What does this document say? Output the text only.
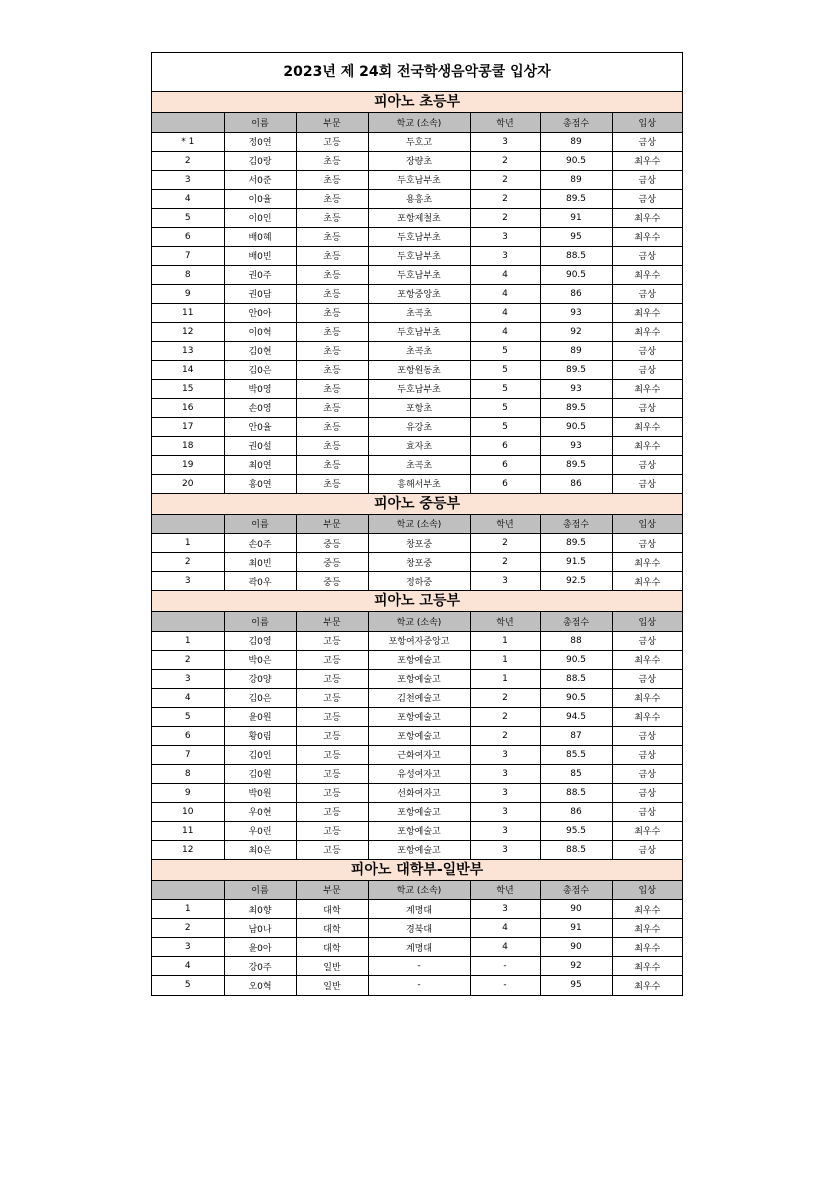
2023년 제 24회 전국학생음악콩쿨 입상자
피아노 초등부
	이름	부문	학교 (소속)	학년	총점수	입상
* 1	정0연	고등	두호고	3	89	금상
2	김0랑	초등	장량초	2	90.5	최우수
3	서0준	초등	두호남부초	2	89	금상
4	이0율	초등	용흥초	2	89.5	금상
5	이0인	초등	포항제철초	2	91	최우수
6	배0혜	초등	두호남부초	3	95	최우수
7	배0빈	초등	두호남부초	3	88.5	금상
8	권0주	초등	두호남부초	4	90.5	최우수
9	권0담	초등	포항중앙초	4	86	금상
11	안0아	초등	초곡초	4	93	최우수
12	이0혁	초등	두호남부초	4	92	최우수
13	김0현	초등	초곡초	5	89	금상
14	김0은	초등	포항원동초	5	89.5	금상
15	박0영	초등	두호남부초	5	93	최우수
16	손0영	초등	포항초	5	89.5	금상
17	안0율	초등	유강초	5	90.5	최우수
18	권0설	초등	효자초	6	93	최우수
19	최0연	초등	초곡초	6	89.5	금상
20	홍0연	초등	흥해서부초	6	86	금상
피아노 중등부
	이름	부문	학교 (소속)	학년	총점수	입상
1	손0주	중등	창포중	2	89.5	금상
2	최0빈	중등	창포중	2	91.5	최우수
3	곽0우	중등	정하중	3	92.5	최우수
피아노 고등부
	이름	부문	학교 (소속)	학년	총점수	입상
1	김0영	고등	포항여자중앙고	1	88	금상
2	박0은	고등	포항예술고	1	90.5	최우수
3	강0양	고등	포항예술고	1	88.5	금상
4	김0은	고등	김천예술고	2	90.5	최우수
5	윤0원	고등	포항예술고	2	94.5	최우수
6	황0림	고등	포항예술고	2	87	금상
7	김0인	고등	근화여자고	3	85.5	금상
8	김0원	고등	유성여자고	3	85	금상
9	박0원	고등	선화여자고	3	88.5	금상
10	우0현	고등	포항예술고	3	86	금상
11	우0린	고등	포항예술고	3	95.5	최우수
12	최0은	고등	포항예술고	3	88.5	금상
피아노 대학부-일반부
	이름	부문	학교 (소속)	학년	총점수	입상
1	최0향	대학	계명대	3	90	최우수
2	남0나	대학	경북대	4	91	최우수
3	윤0아	대학	계명대	4	90	최우수
4	강0주	일반	-	-	92	최우수
5	오0혁	일반	-	-	95	최우수
